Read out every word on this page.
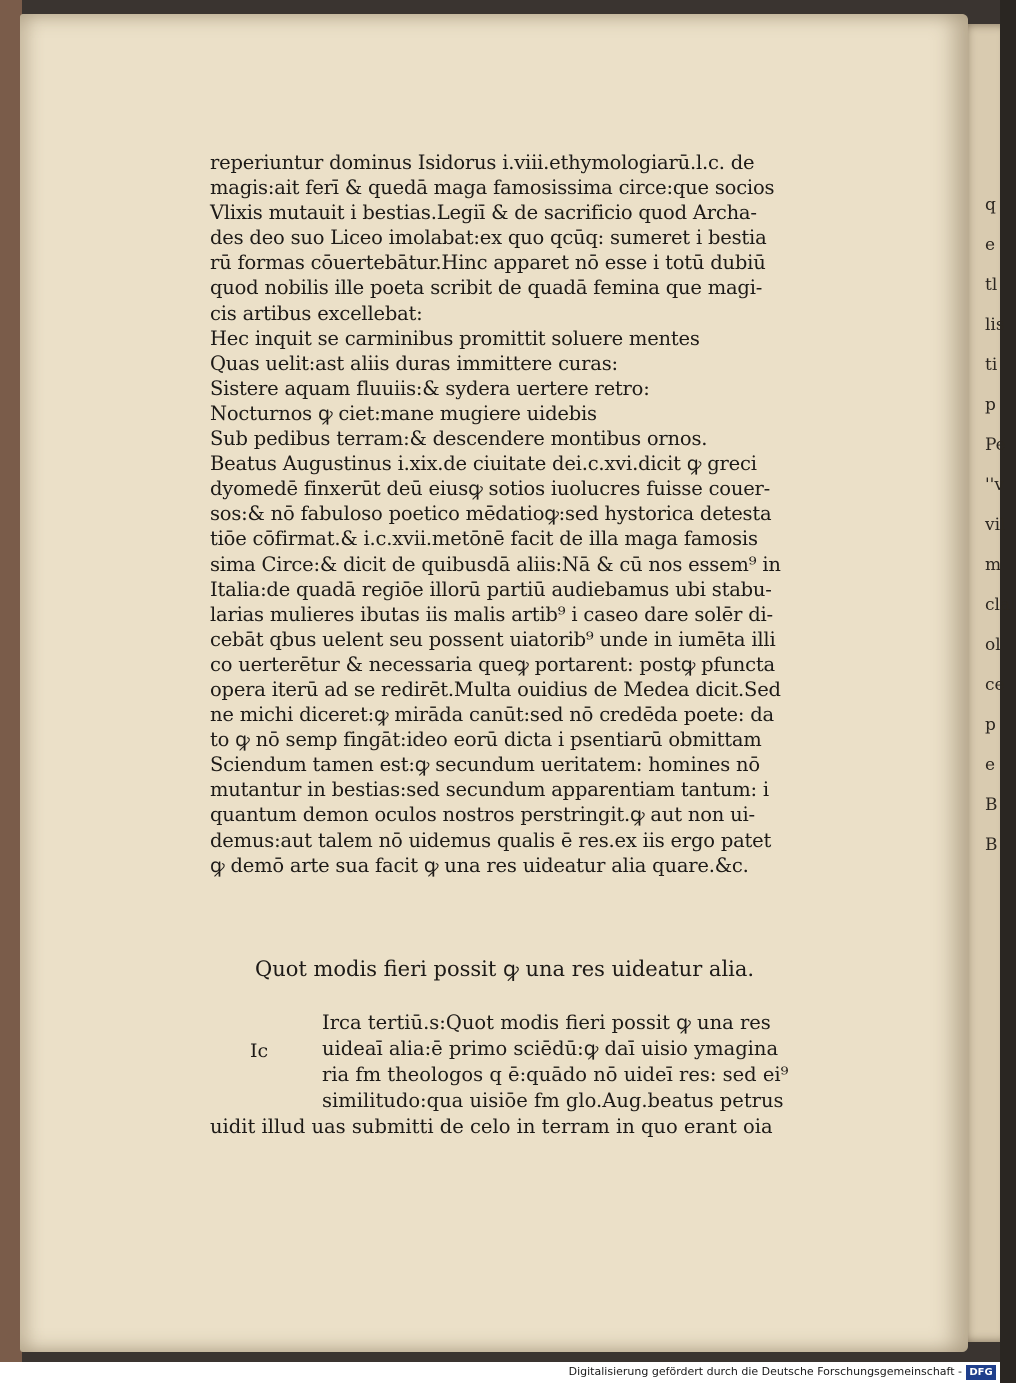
q e tl lis ti p Pe ''v vil m clal ol ce p e B B
reperiuntur dominus Isidorus i.viii.ethymologiarū.l.c. de
magis:ait ferī & quedā maga famosissima circe:que socios
Vlixis mutauit i bestias.Legiī & de sacrificio quod Archa-
des deo suo Liceo imolabat:ex quo qcūq: sumeret i bestia
rū formas cōuertebātur.Hinc apparet nō esse i totū dubiū
quod nobilis ille poeta scribit de quadā femina que magi-
cis artibus excellebat:
Hec inquit se carminibus promittit soluere mentes
Quas uelit:ast aliis duras immittere curas:
Sistere aquam fluuiis:& sydera uertere retro:
Nocturnos ꝙ ciet:mane mugiere uidebis
Sub pedibus terram:& descendere montibus ornos.
Beatus Augustinus i.xix.de ciuitate dei.c.xvi.dicit ꝙ greci
dyomedē finxerūt deū eiusꝙ sotios iuolucres fuisse couer-
sos:& nō fabuloso poetico mēdatioꝙ:sed hystorica detesta
tiōe cōfirmat.& i.c.xvii.metōnē facit de illa maga famosis
sima Circe:& dicit de quibusdā aliis:Nā & cū nos essem⁹ in
Italia:de quadā regiōe illorū partiū audiebamus ubi stabu-
larias mulieres ibutas iis malis artib⁹ i caseo dare solēr di-
cebāt qbus uelent seu possent uiatorib⁹ unde in iumēta illi
co uerterētur & necessaria queꝙ portarent: postꝙ pfuncta
opera iterū ad se redirēt.Multa ouidius de Medea dicit.Sed
ne michi diceret:ꝙ mirāda canūt:sed nō credēda poete: da
to ꝙ nō semp fingāt:ideo eorū dicta i psentiarū obmittam
Sciendum tamen est:ꝙ secundum ueritatem: homines nō
mutantur in bestias:sed secundum apparentiam tantum: i
quantum demon oculos nostros perstringit.ꝙ aut non ui-
demus:aut talem nō uidemus qualis ē res.ex iis ergo patet
ꝙ demō arte sua facit ꝙ una res uideatur alia quare.&c.
Quot modis fieri possit ꝙ una res uideatur alia.
Ic
Irca tertiū.s:Quot modis fieri possit ꝙ una res
uideaī alia:ē primo sciēdū:ꝙ daī uisio ymagina
ria fm theologos q ē:quādo nō uideī res: sed ei⁹
similitudo:qua uisiōe fm glo.Aug.beatus petrus
uidit illud uas submitti de celo in terram in quo erant oia
Digitalisierung gefördert durch die Deutsche Forschungsgemeinschaft - DFG
